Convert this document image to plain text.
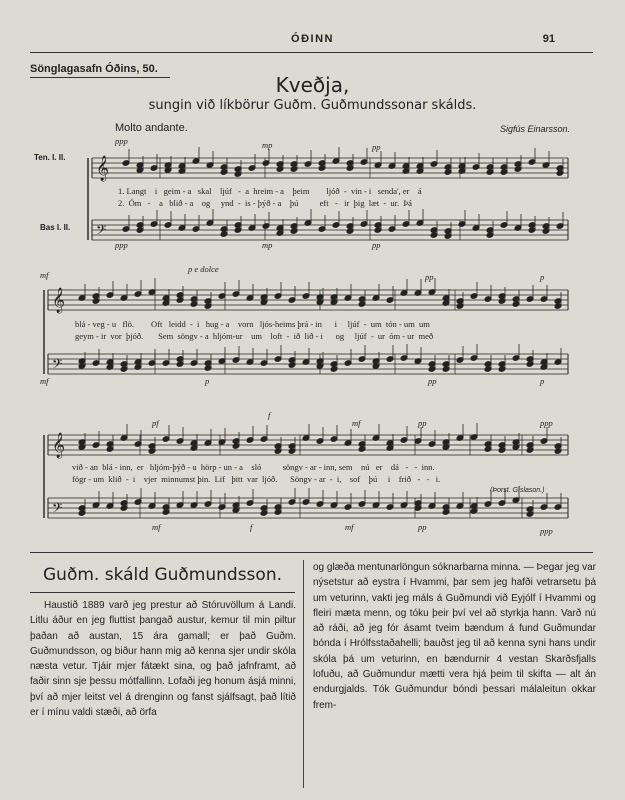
ÓÐINN	91
Sönglagasafn Óðins, 50.
Kveðja,
sungin við líkbörur Guðm. Guðmundssonar skálds.
Molto andante.	Sigfús Einarsson.
𝄞
𝄢
𝄞
𝄢
𝄞
𝄢
Ten. I. II.
Bas I. II.
1. Langt    i   geim - a   skal    ljúf   -  a  hreim - a    þeim        ljóð  -  vin - i   senda', er    á
2.  Óm   -    a   blið - a    og     ynd  -  is - þýð - a    þú          eft   -   ir  þig  læt  -  ur.  Þá
ppp	mp	pp
ppp	mp	pp
blá - veg - u   flö.        Oft   leidd  -  i   hug - a    vorn   ljós-heims þrá - in      i     ljúf  -  um  tón - um  um
geym - ir  vor  þjóð.       Sem  söngv - a  hljóm-ur    um    loft  -  ið  lið - i      og     ljúf  -  ur  óm - ur  með
mf
p e dolce
pp	p
mf	p	pp	p
við - an  blá - inn,  er   hljóm-þýð - u  hörp - un - a    sló          söngv - ar - inn, sem    nú   er    dá   -   -  inn.
fögr - um  klið  -  i    vjer  minnumst þin.  Lif   þitt  var  ljóð.      Söngv - ar  -  i,    sof    þú     i    frið   -   -   i.
pf
f
mf	pp	ppp
mf	f	mf	pp	ppp
(Þorst. Gíslason.)
Guðm. skáld Guðmundsson.

Haustið 1889 varð jeg prestur að Stóruvöllum á Landi. Litlu áður en jeg fluttist þangað austur, kemur til min piltur þaðan að austan, 15 ára gamall; er það Guðm. Guðmundsson, og biður hann mig að kenna sjer undir skóla næsta vetur. Tjáir mjer fátækt sina, og það jafnframt, að faðir sinn sje þessu mótfallinn. Lofaði jeg honum ásjá minni, því að mjer leitst vel á drenginn og fanst sjálfsagt, það lítið er í mínu valdi stæði, að örfa

og glæða mentunarlöngun sóknarbarna minna. — Þegar jeg var nýsetstur að eystra í Hvammi, þar sem jeg hafði vetrarsetu þá um veturinn, vakti jeg máls á Guðmundi við Eyjólf í Hvammi og fleiri mæta menn, og tóku þeir því vel að styrkja hann. Varð nú að ráði, að jeg fór ásamt tveim bændum á fund Guðmundar bónda í Hrólfsstaðahelli; bauðst jeg til að kenna syni hans undir skóla þá um veturinn, en bændurnir 4 vestan Skarðsfjalls lofuðu, að Guðmundur mætti vera hjá þeim til skifta — alt án endurgjalds. Tók Guðmundur bóndi þessari málaleitun okkar frem-
